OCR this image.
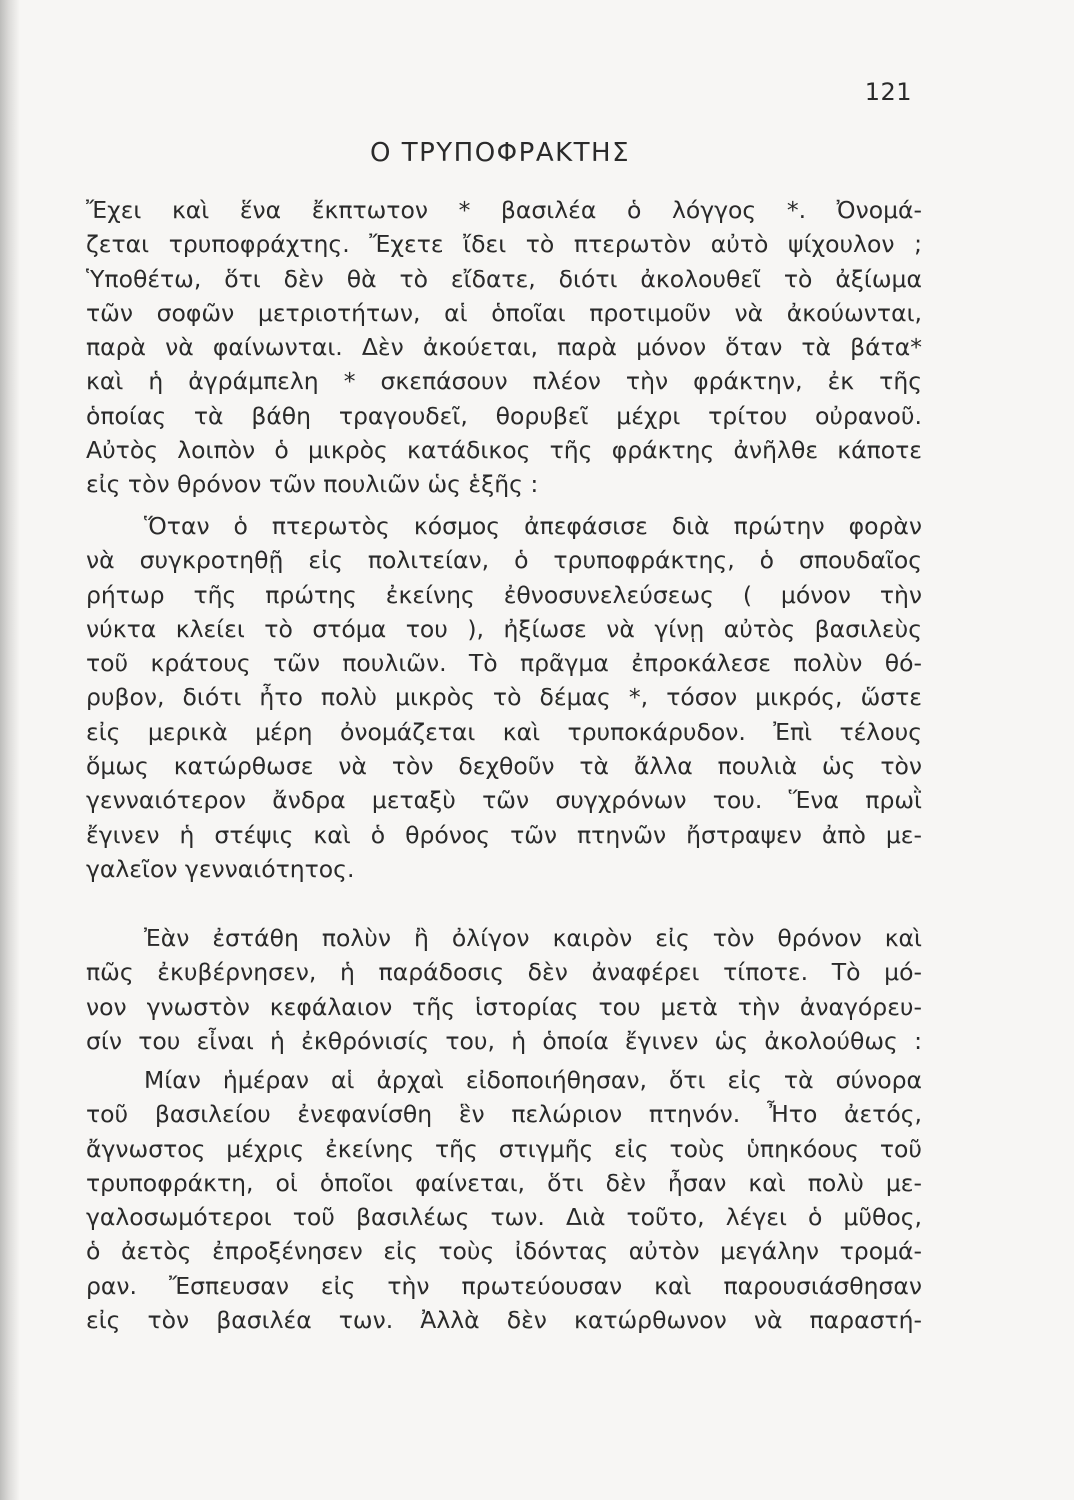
121
Ο ΤΡΥΠΟΦΡΑΚΤΗΣ
Ἔχει καὶ ἕνα ἔκπτωτον * βασιλέα ὁ λόγγος *. Ὀνομά-
ζεται τρυποφράχτης. Ἔχετε ἴδει τὸ πτερωτὸν αὐτὸ ψίχουλον ;
Ὑποθέτω, ὅτι δὲν θὰ τὸ εἴδατε, διότι ἀκολουθεῖ τὸ ἀξίωμα
τῶν σοφῶν μετριοτήτων, αἱ ὁποῖαι προτιμοῦν νὰ ἀκούωνται,
παρὰ νὰ φαίνωνται. Δὲν ἀκούεται, παρὰ μόνον ὅταν τὰ βάτα*
καὶ ἡ ἀγράμπελη * σκεπάσουν πλέον τὴν φράκτην, ἐκ τῆς
ὁποίας τὰ βάθη τραγουδεῖ, θορυβεῖ μέχρι τρίτου οὐρανοῦ.
Αὐτὸς λοιπὸν ὁ μικρὸς κατάδικος τῆς φράκτης ἀνῆλθε κάποτε
εἰς τὸν θρόνον τῶν πουλιῶν ὡς ἑξῆς :
Ὅταν ὁ πτερωτὸς κόσμος ἀπεφάσισε διὰ πρώτην φορὰν
νὰ συγκροτηθῇ εἰς πολιτείαν, ὁ τρυποφράκτης, ὁ σπουδαῖος
ρήτωρ τῆς πρώτης ἐκείνης ἐθνοσυνελεύσεως ( μόνον τὴν
νύκτα κλείει τὸ στόμα του ), ἠξίωσε νὰ γίνῃ αὐτὸς βασιλεὺς
τοῦ κράτους τῶν πουλιῶν. Τὸ πρᾶγμα ἐπροκάλεσε πολὺν θό-
ρυβον, διότι ἦτο πολὺ μικρὸς τὸ δέμας *, τόσον μικρός, ὥστε
εἰς μερικὰ μέρη ὀνομάζεται καὶ τρυποκάρυδον. Ἐπὶ τέλους
ὅμως κατώρθωσε νὰ τὸν δεχθοῦν τὰ ἄλλα πουλιὰ ὡς τὸν
γενναιότερον ἄνδρα μεταξὺ τῶν συγχρόνων του. Ἕνα πρωῒ
ἔγινεν ἡ στέψις καὶ ὁ θρόνος τῶν πτηνῶν ἤστραψεν ἀπὸ με-
γαλεῖον γενναιότητος.
Ἐὰν ἐστάθη πολὺν ἢ ὀλίγον καιρὸν εἰς τὸν θρόνον καὶ
πῶς ἐκυβέρνησεν, ἡ παράδοσις δὲν ἀναφέρει τίποτε. Τὸ μό-
νον γνωστὸν κεφάλαιον τῆς ἱστορίας του μετὰ τὴν ἀναγόρευ-
σίν του εἶναι ἡ ἐκθρόνισίς του, ἡ ὁποία ἔγινεν ὡς ἀκολούθως :
Μίαν ἡμέραν αἱ ἀρχαὶ εἰδοποιήθησαν, ὅτι εἰς τὰ σύνορα
τοῦ βασιλείου ἐνεφανίσθη ἓν πελώριον πτηνόν. Ἦτο ἀετός,
ἄγνωστος μέχρις ἐκείνης τῆς στιγμῆς εἰς τοὺς ὑπηκόους τοῦ
τρυποφράκτη, οἱ ὁποῖοι φαίνεται, ὅτι δὲν ἦσαν καὶ πολὺ με-
γαλοσωμότεροι τοῦ βασιλέως των. Διὰ τοῦτο, λέγει ὁ μῦθος,
ὁ ἀετὸς ἐπροξένησεν εἰς τοὺς ἰδόντας αὐτὸν μεγάλην τρομά-
ραν. Ἔσπευσαν εἰς τὴν πρωτεύουσαν καὶ παρουσιάσθησαν
εἰς τὸν βασιλέα των. Ἀλλὰ δὲν κατώρθωνον νὰ παραστή-
